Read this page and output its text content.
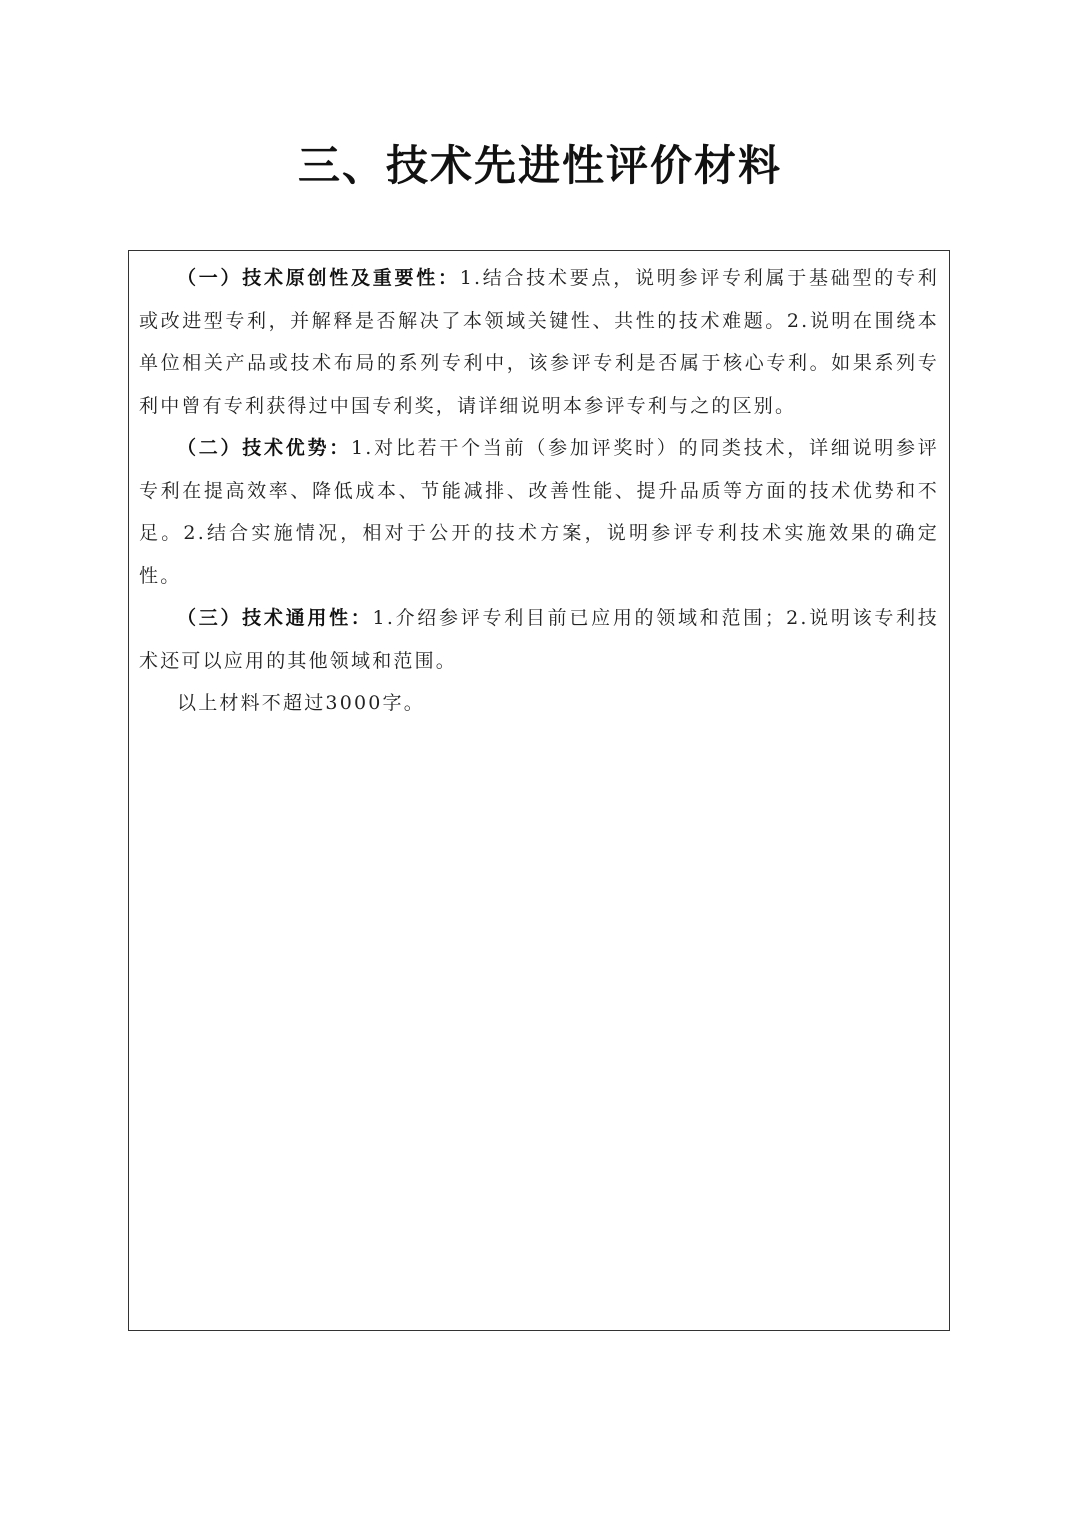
三、技术先进性评价材料

（一）技术原创性及重要性：1.结合技术要点，说明参评专利属于基础型的专利或改进型专利，并解释是否解决了本领域关键性、共性的技术难题。2.说明在围绕本单位相关产品或技术布局的系列专利中，该参评专利是否属于核心专利。如果系列专利中曾有专利获得过中国专利奖，请详细说明本参评专利与之的区别。

（二）技术优势：1.对比若干个当前（参加评奖时）的同类技术，详细说明参评专利在提高效率、降低成本、节能减排、改善性能、提升品质等方面的技术优势和不足。2.结合实施情况，相对于公开的技术方案，说明参评专利技术实施效果的确定性。

（三）技术通用性：1.介绍参评专利目前已应用的领域和范围；2.说明该专利技术还可以应用的其他领域和范围。

以上材料不超过3000字。
